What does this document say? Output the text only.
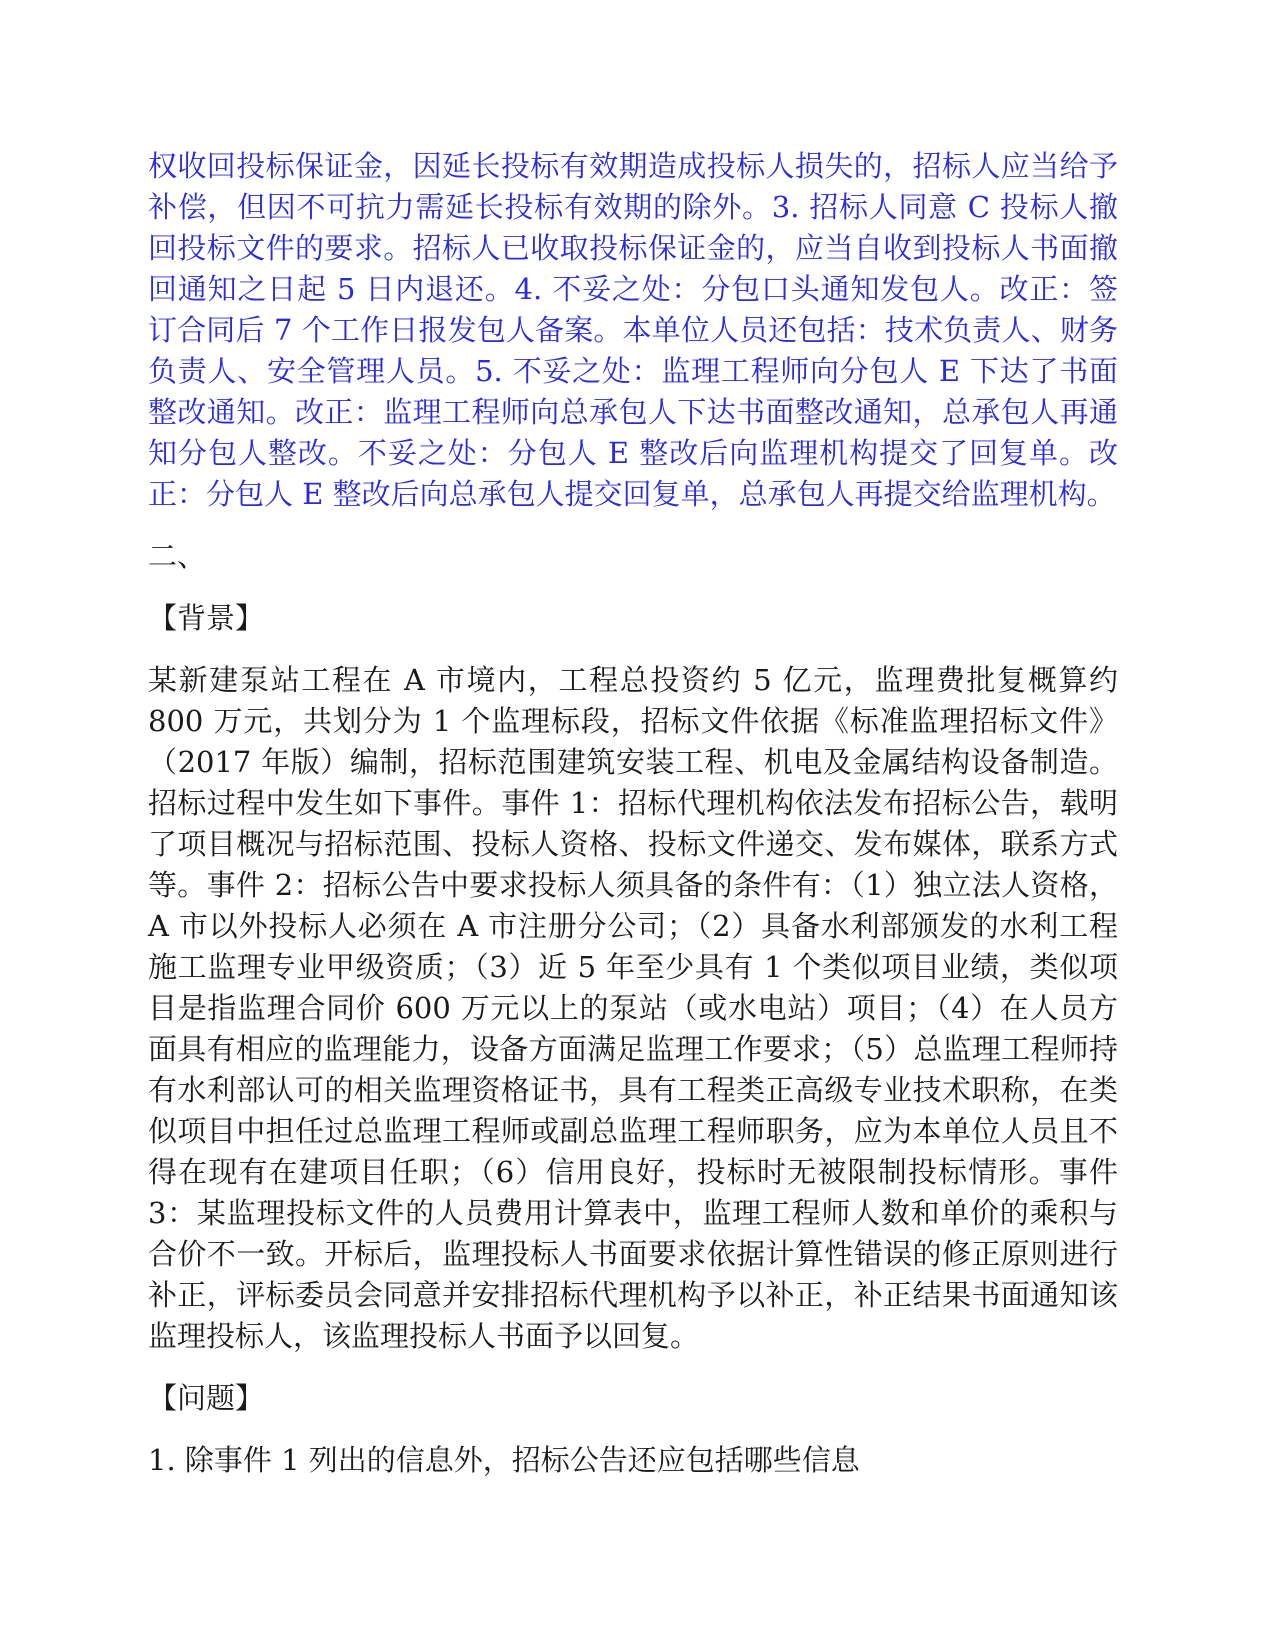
权收回投标保证金，因延长投标有效期造成投标人损失的，招标人应当给予补偿，但因不可抗力需延长投标有效期的除外。3. 招标人同意 C 投标人撤回投标文件的要求。招标人已收取投标保证金的，应当自收到投标人书面撤回通知之日起 5 日内退还。4. 不妥之处：分包口头通知发包人。改正：签订合同后 7 个工作日报发包人备案。本单位人员还包括：技术负责人、财务负责人、安全管理人员。5. 不妥之处：监理工程师向分包人 E 下达了书面整改通知。改正：监理工程师向总承包人下达书面整改通知，总承包人再通知分包人整改。不妥之处：分包人 E 整改后向监理机构提交了回复单。改正：分包人 E 整改后向总承包人提交回复单，总承包人再提交给监理机构。

二、

【背景】

某新建泵站工程在 A 市境内，工程总投资约 5 亿元，监理费批复概算约 800 万元，共划分为 1 个监理标段，招标文件依据《标准监理招标文件》（2017 年版）编制，招标范围建筑安装工程、机电及金属结构设备制造。招标过程中发生如下事件。事件 1：招标代理机构依法发布招标公告，载明了项目概况与招标范围、投标人资格、投标文件递交、发布媒体，联系方式等。事件 2：招标公告中要求投标人须具备的条件有：（1）独立法人资格，A 市以外投标人必须在 A 市注册分公司；（2）具备水利部颁发的水利工程施工监理专业甲级资质；（3）近 5 年至少具有 1 个类似项目业绩，类似项目是指监理合同价 600 万元以上的泵站（或水电站）项目；（4）在人员方面具有相应的监理能力，设备方面满足监理工作要求；（5）总监理工程师持有水利部认可的相关监理资格证书，具有工程类正高级专业技术职称，在类似项目中担任过总监理工程师或副总监理工程师职务，应为本单位人员且不得在现有在建项目任职；（6）信用良好，投标时无被限制投标情形。事件 3：某监理投标文件的人员费用计算表中，监理工程师人数和单价的乘积与合价不一致。开标后，监理投标人书面要求依据计算性错误的修正原则进行补正，评标委员会同意并安排招标代理机构予以补正，补正结果书面通知该监理投标人，该监理投标人书面予以回复。

【问题】

1. 除事件 1 列出的信息外，招标公告还应包括哪些信息
